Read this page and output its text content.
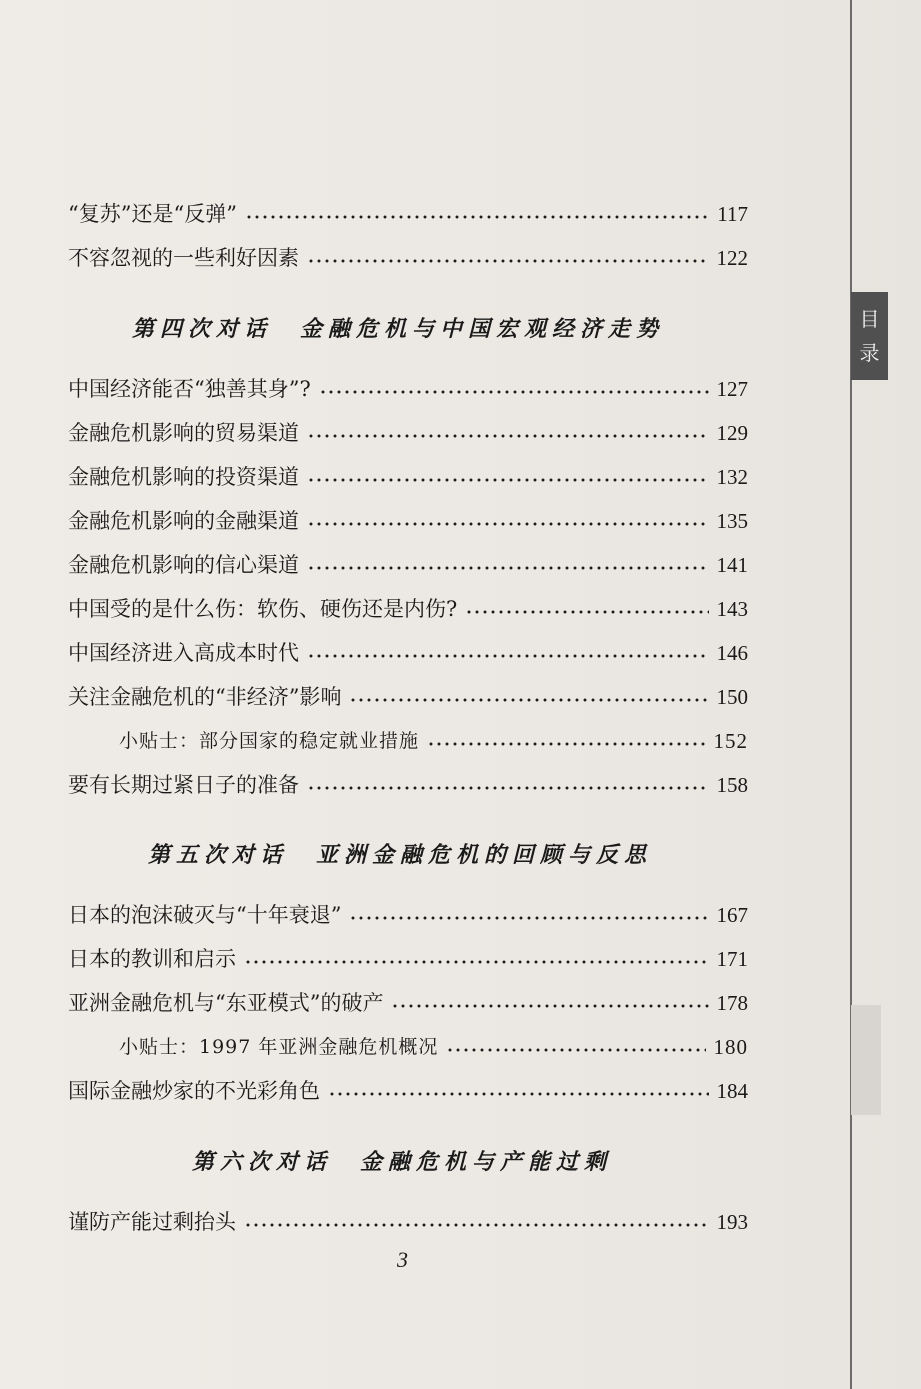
目
录
“复苏”还是“反弹”	117
不容忽视的一些利好因素	122
第四次对话　金融危机与中国宏观经济走势
中国经济能否“独善其身”?	127
金融危机影响的贸易渠道	129
金融危机影响的投资渠道	132
金融危机影响的金融渠道	135
金融危机影响的信心渠道	141
中国受的是什么伤：软伤、硬伤还是内伤?	143
中国经济进入高成本时代	146
关注金融危机的“非经济”影响	150
小贴士：部分国家的稳定就业措施	152
要有长期过紧日子的准备	158
第五次对话　亚洲金融危机的回顾与反思
日本的泡沫破灭与“十年衰退”	167
日本的教训和启示	171
亚洲金融危机与“东亚模式”的破产	178
小贴士：1997 年亚洲金融危机概况	180
国际金融炒家的不光彩角色	184
第六次对话　金融危机与产能过剩
谨防产能过剩抬头	193
3
